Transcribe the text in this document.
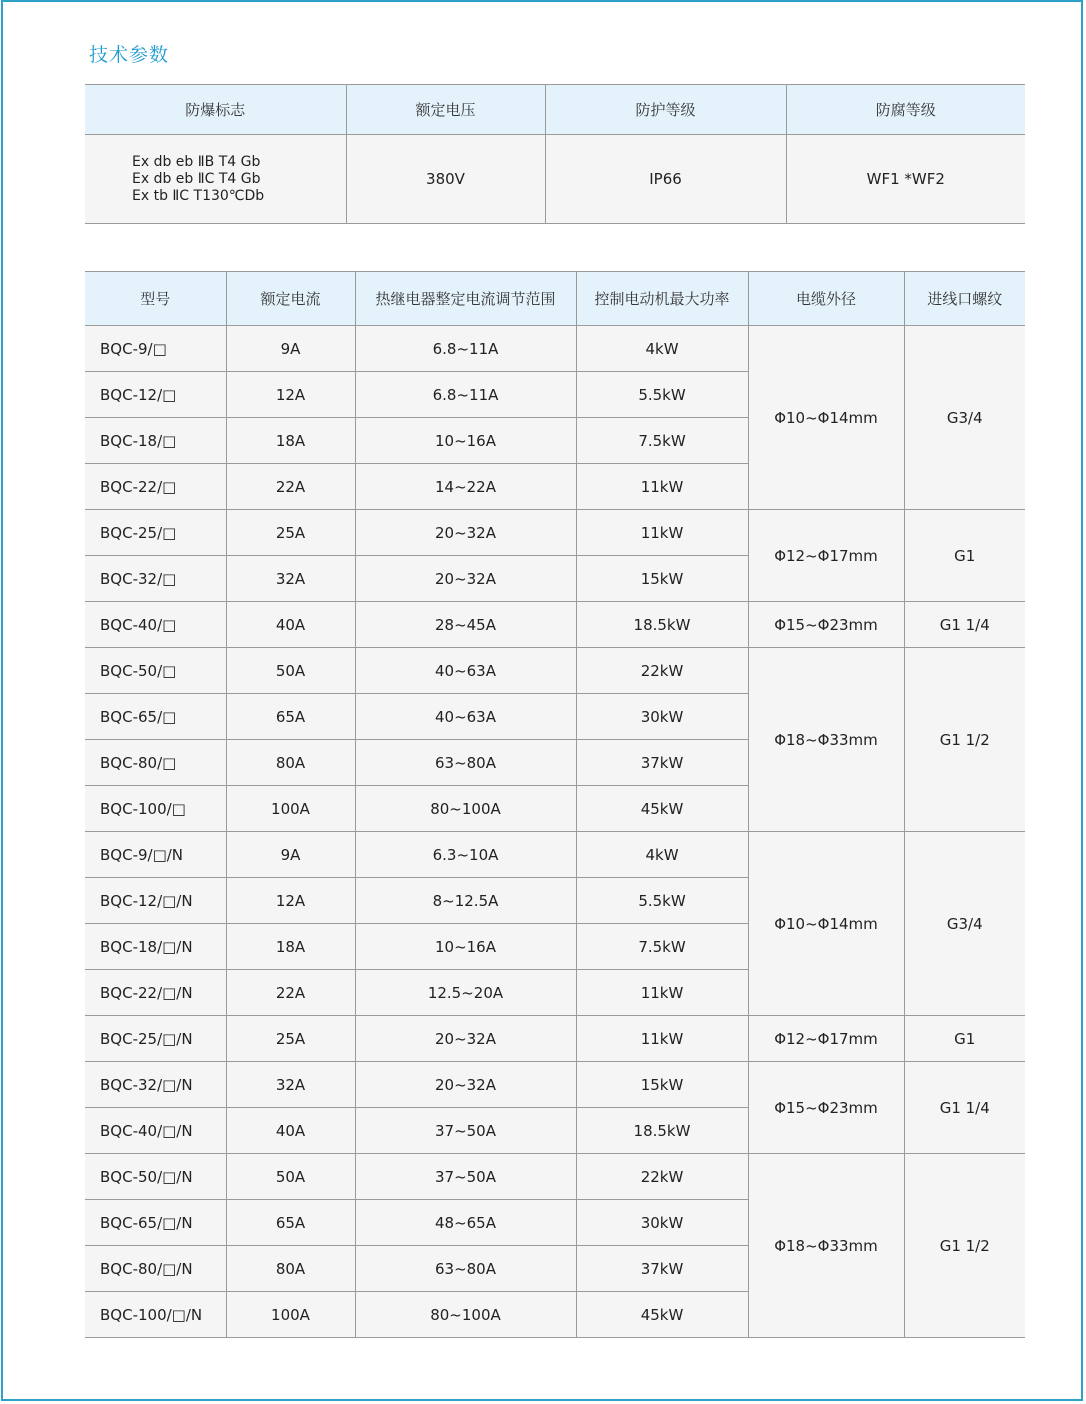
技术参数
防爆标志	额定电压	防护等级	防腐等级

Ex db eb ⅡB T4 Gb
Ex db eb ⅡC T4 Gb
Ex tb ⅡC T130℃Db	380V	IP66	WF1 *WF2
型号	额定电流	热继电器整定电流调节范围	控制电动机最大功率	电缆外径	进线口螺纹
BQC-9/□	9A	6.8~11A	4kW	Φ10~Φ14mm	G3/4
BQC-12/□	12A	6.8~11A	5.5kW		
BQC-18/□	18A	10~16A	7.5kW		
BQC-22/□	22A	14~22A	11kW		
BQC-25/□	25A	20~32A	11kW	Φ12~Φ17mm	G1
BQC-32/□	32A	20~32A	15kW		
BQC-40/□	40A	28~45A	18.5kW	Φ15~Φ23mm	G1 1/4
BQC-50/□	50A	40~63A	22kW	Φ18~Φ33mm	G1 1/2
BQC-65/□	65A	40~63A	30kW		
BQC-80/□	80A	63~80A	37kW		
BQC-100/□	100A	80~100A	45kW		
BQC-9/□/N	9A	6.3~10A	4kW	Φ10~Φ14mm	G3/4
BQC-12/□/N	12A	8~12.5A	5.5kW		
BQC-18/□/N	18A	10~16A	7.5kW		
BQC-22/□/N	22A	12.5~20A	11kW		
BQC-25/□/N	25A	20~32A	11kW	Φ12~Φ17mm	G1
BQC-32/□/N	32A	20~32A	15kW	Φ15~Φ23mm	G1 1/4
BQC-40/□/N	40A	37~50A	18.5kW		
BQC-50/□/N	50A	37~50A	22kW	Φ18~Φ33mm	G1 1/2
BQC-65/□/N	65A	48~65A	30kW		
BQC-80/□/N	80A	63~80A	37kW		
BQC-100/□/N	100A	80~100A	45kW		
